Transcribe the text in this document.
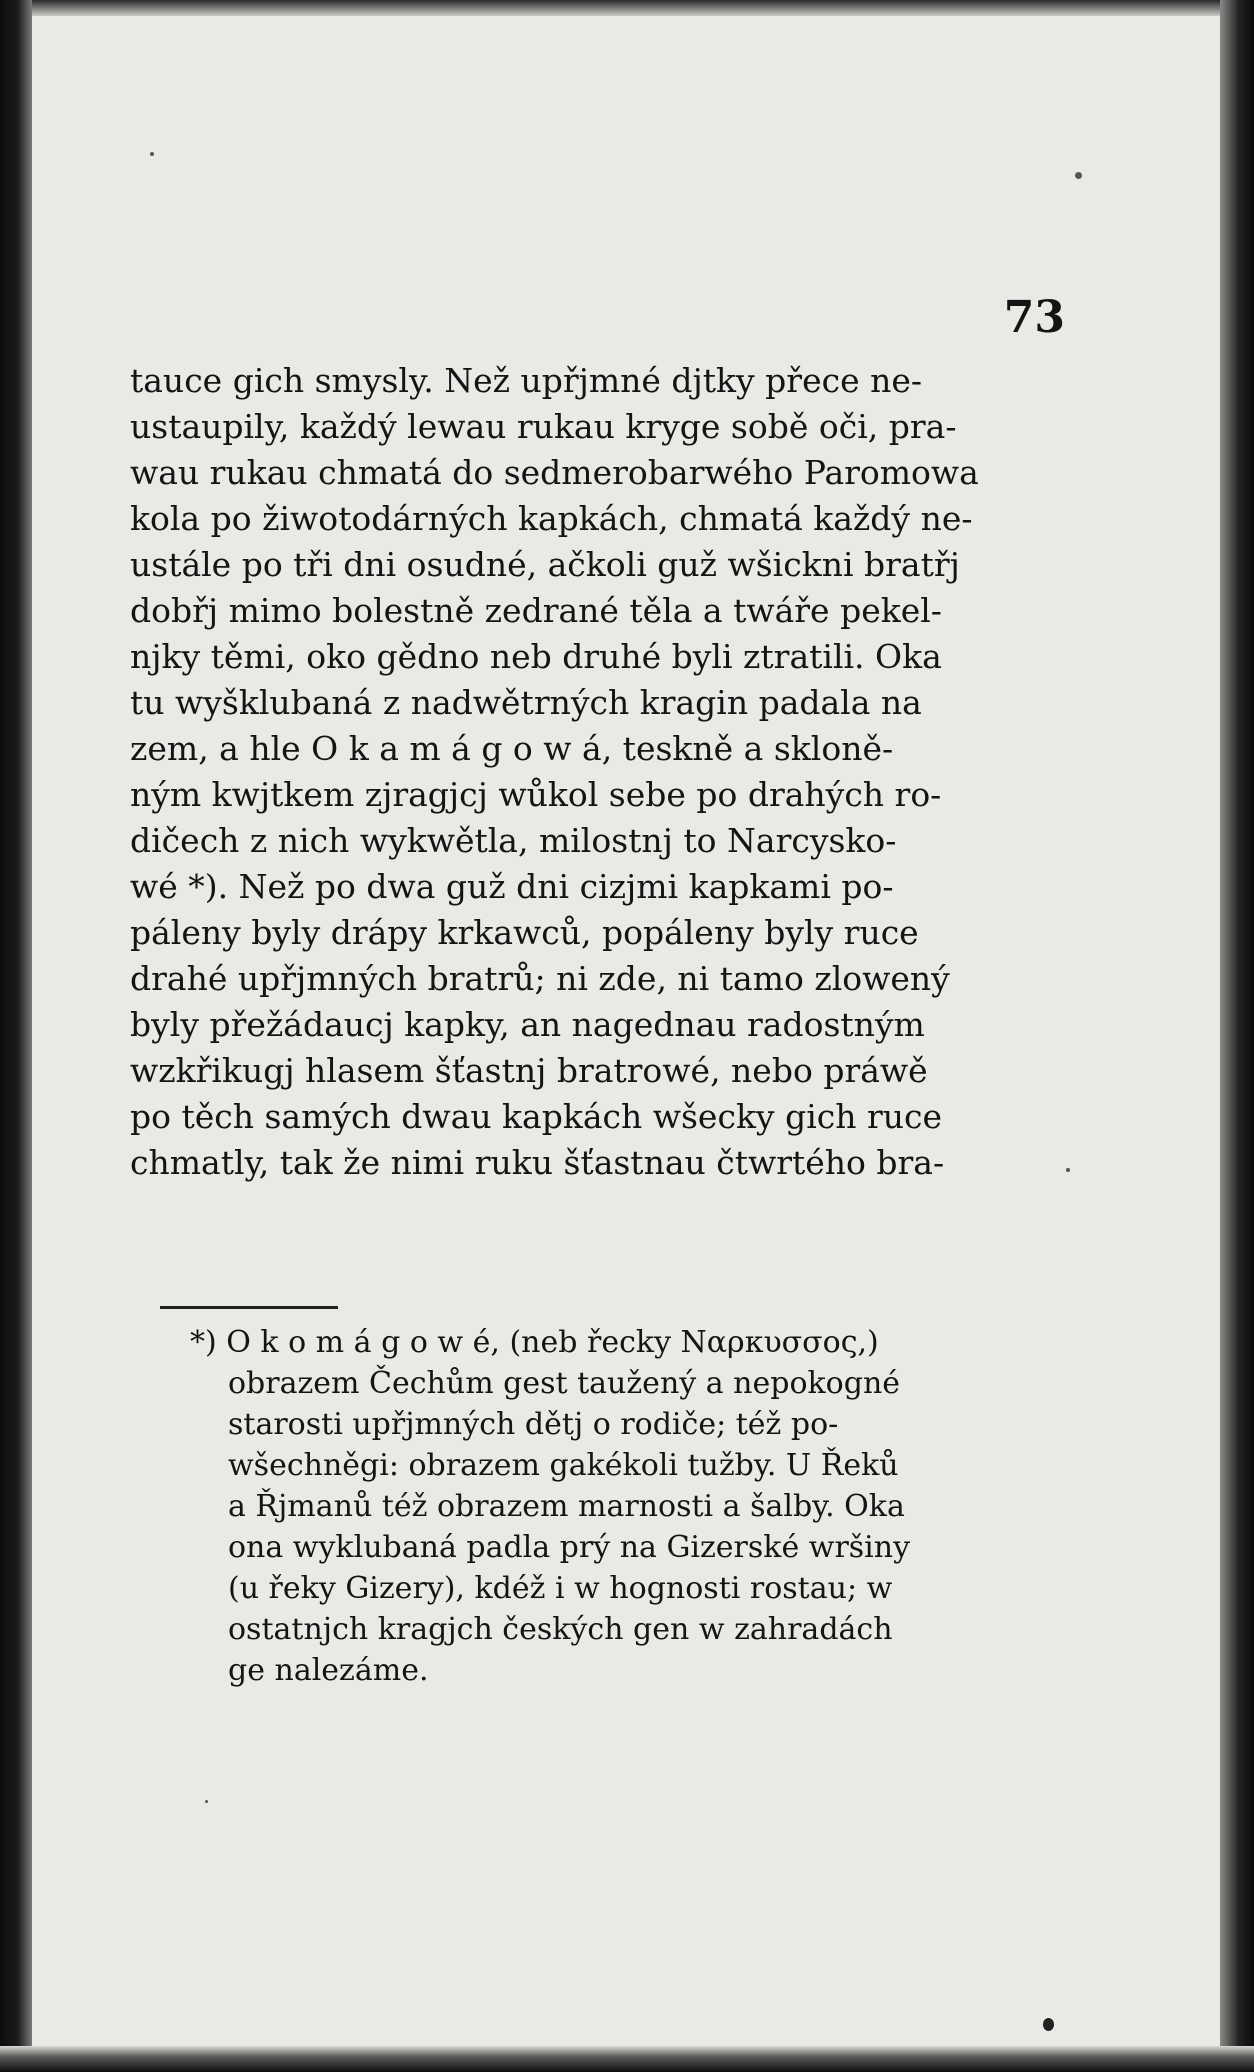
73
tauce gich smysly. Než upřjmné djtky přece ne-
ustaupily, každý lewau rukau kryge sobě oči, pra-
wau rukau chmatá do sedmerobarwého Paromowa
kola po žiwotodárných kapkách, chmatá každý ne-
ustále po tři dni osudné, ačkoli guž wšickni bratřj
dobřj mimo bolestně zedrané těla a twáře pekel-
njky těmi, oko gědno neb druhé byli ztratili. Oka
tu wyšklubaná z nadwětrných kragin padala na
zem, a hle O k a m á g o w á, teskně a skloně-
ným kwjtkem zjragjcj wůkol sebe po drahých ro-
dičech z nich wykwětla, milostnj to Narcysko-
wé *). Než po dwa guž dni cizjmi kapkami po-
páleny byly drápy krkawců, popáleny byly ruce
drahé upřjmných bratrů; ni zde, ni tamo zlowený
byly přežádaucj kapky, an nagednau radostným
wzkřikugj hlasem šťastnj bratrowé, nebo práwě
po těch samých dwau kapkách wšecky gich ruce
chmatly, tak že nimi ruku šťastnau čtwrtého bra-
*) O k o m á g o w é, (neb řecky Ναρκυσσος,)
obrazem Čechům gest taužený a nepokogné
starosti upřjmných dětj o rodiče; též po-
wšechněgi: obrazem gakékoli tužby. U Řeků
a Řjmanů též obrazem marnosti a šalby. Oka
ona wyklubaná padla prý na Gizerské wršiny
(u řeky Gizery), kdéž i w hognosti rostau; w
ostatnjch kragjch českých gen w zahradách
ge nalezáme.
